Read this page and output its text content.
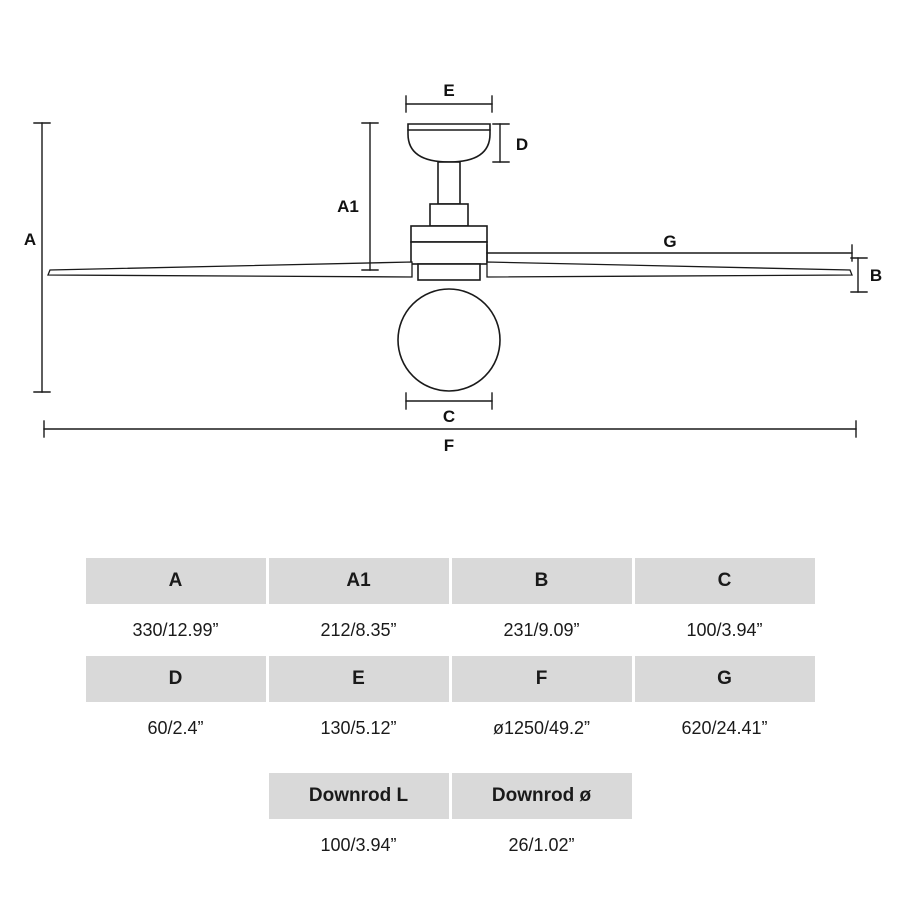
A
A1
D
E
B
G
C
F
A	A1	B	C
330/12.99”	212/8.35”	231/9.09”	100/3.94”
D	E	F	G
60/2.4”	130/5.12”	ø1250/49.2”	620/24.41”
Downrod L	Downrod ø
100/3.94”	26/1.02”
